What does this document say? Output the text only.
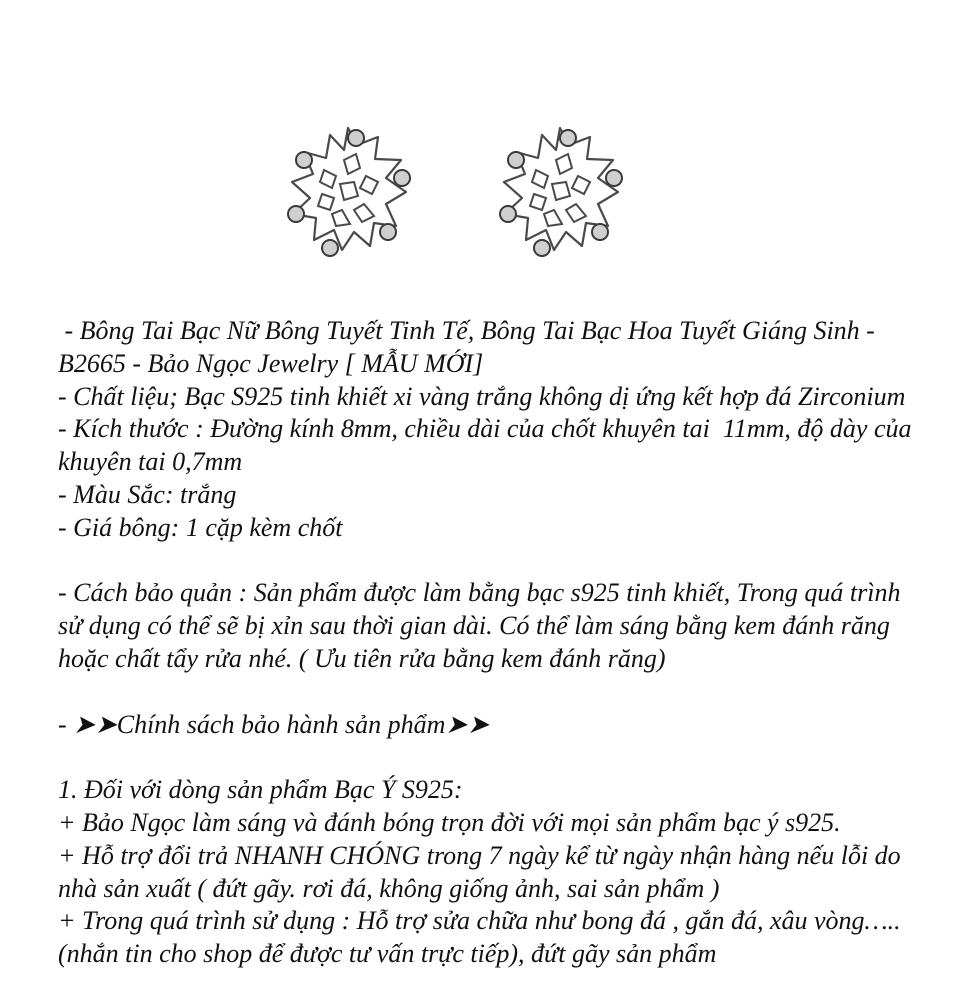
- Bông Tai Bạc Nữ Bông Tuyết Tinh Tế, Bông Tai Bạc Hoa Tuyết Giáng Sinh - B2665 - Bảo Ngọc Jewelry [ MẪU MỚI]
- Chất liệu; Bạc S925 tinh khiết xi vàng trắng không dị ứng kết hợp đá Zirconium
- Kích thước : Đường kính 8mm, chiều dài của chốt khuyên tai  11mm, độ dày của khuyên tai 0,7mm
- Màu Sắc: trắng
- Giá bông: 1 cặp kèm chốt
- Cách bảo quản : Sản phẩm được làm bằng bạc s925 tinh khiết, Trong quá trình sử dụng có thể sẽ bị xỉn sau thời gian dài. Có thể làm sáng bằng kem đánh răng hoặc chất tẩy rửa nhé. ( Ưu tiên rửa bằng kem đánh răng)
- ➤➤Chính sách bảo hành sản phẩm➤➤
1. Đối với dòng sản phẩm Bạc Ý S925:
+ Bảo Ngọc làm sáng và đánh bóng trọn đời với mọi sản phẩm bạc ý s925.
+ Hỗ trợ đổi trả NHANH CHÓNG trong 7 ngày kể từ ngày nhận hàng nếu lỗi do nhà sản xuất ( đứt gãy. rơi đá, không giống ảnh, sai sản phẩm )
+ Trong quá trình sử dụng : Hỗ trợ sửa chữa như bong đá , gắn đá, xâu vòng….. (nhắn tin cho shop để được tư vấn trực tiếp), đứt gãy sản phẩm
